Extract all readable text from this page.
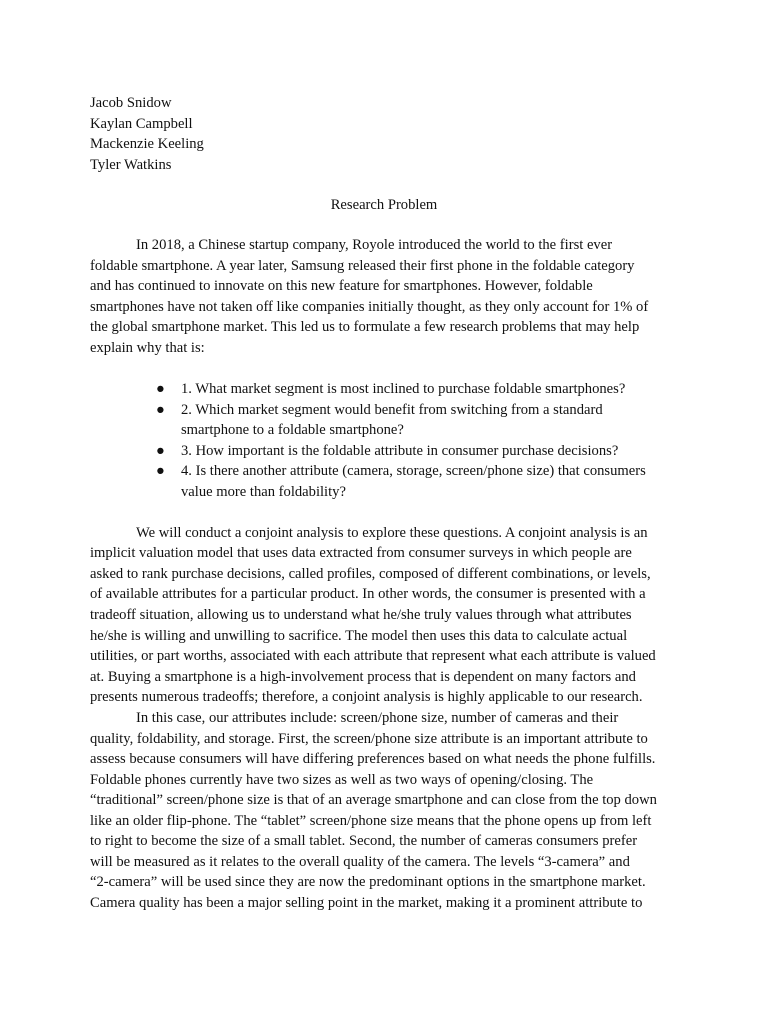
Jacob Snidow
Kaylan Campbell
Mackenzie Keeling
Tyler Watkins
Research Problem
In 2018, a Chinese startup company, Royole introduced the world to the first ever
foldable smartphone. A year later, Samsung released their first phone in the foldable category
and has continued to innovate on this new feature for smartphones. However, foldable
smartphones have not taken off like companies initially thought, as they only account for 1% of
the global smartphone market. This led us to formulate a few research problems that may help
explain why that is:
● 1. What market segment is most inclined to purchase foldable smartphones?
● 2. Which market segment would benefit from switching from a standard
smartphone to a foldable smartphone?
● 3. How important is the foldable attribute in consumer purchase decisions?
● 4. Is there another attribute (camera, storage, screen/phone size) that consumers
value more than foldability?
We will conduct a conjoint analysis to explore these questions. A conjoint analysis is an
implicit valuation model that uses data extracted from consumer surveys in which people are
asked to rank purchase decisions, called profiles, composed of different combinations, or levels,
of available attributes for a particular product. In other words, the consumer is presented with a
tradeoff situation, allowing us to understand what he/she truly values through what attributes
he/she is willing and unwilling to sacrifice. The model then uses this data to calculate actual
utilities, or part worths, associated with each attribute that represent what each attribute is valued
at. Buying a smartphone is a high-involvement process that is dependent on many factors and
presents numerous tradeoffs; therefore, a conjoint analysis is highly applicable to our research.
In this case, our attributes include: screen/phone size, number of cameras and their
quality, foldability, and storage. First, the screen/phone size attribute is an important attribute to
assess because consumers will have differing preferences based on what needs the phone fulfills.
Foldable phones currently have two sizes as well as two ways of opening/closing. The
“traditional” screen/phone size is that of an average smartphone and can close from the top down
like an older flip-phone. The “tablet” screen/phone size means that the phone opens up from left
to right to become the size of a small tablet. Second, the number of cameras consumers prefer
will be measured as it relates to the overall quality of the camera. The levels “3-camera” and
“2-camera” will be used since they are now the predominant options in the smartphone market.
Camera quality has been a major selling point in the market, making it a prominent attribute to
